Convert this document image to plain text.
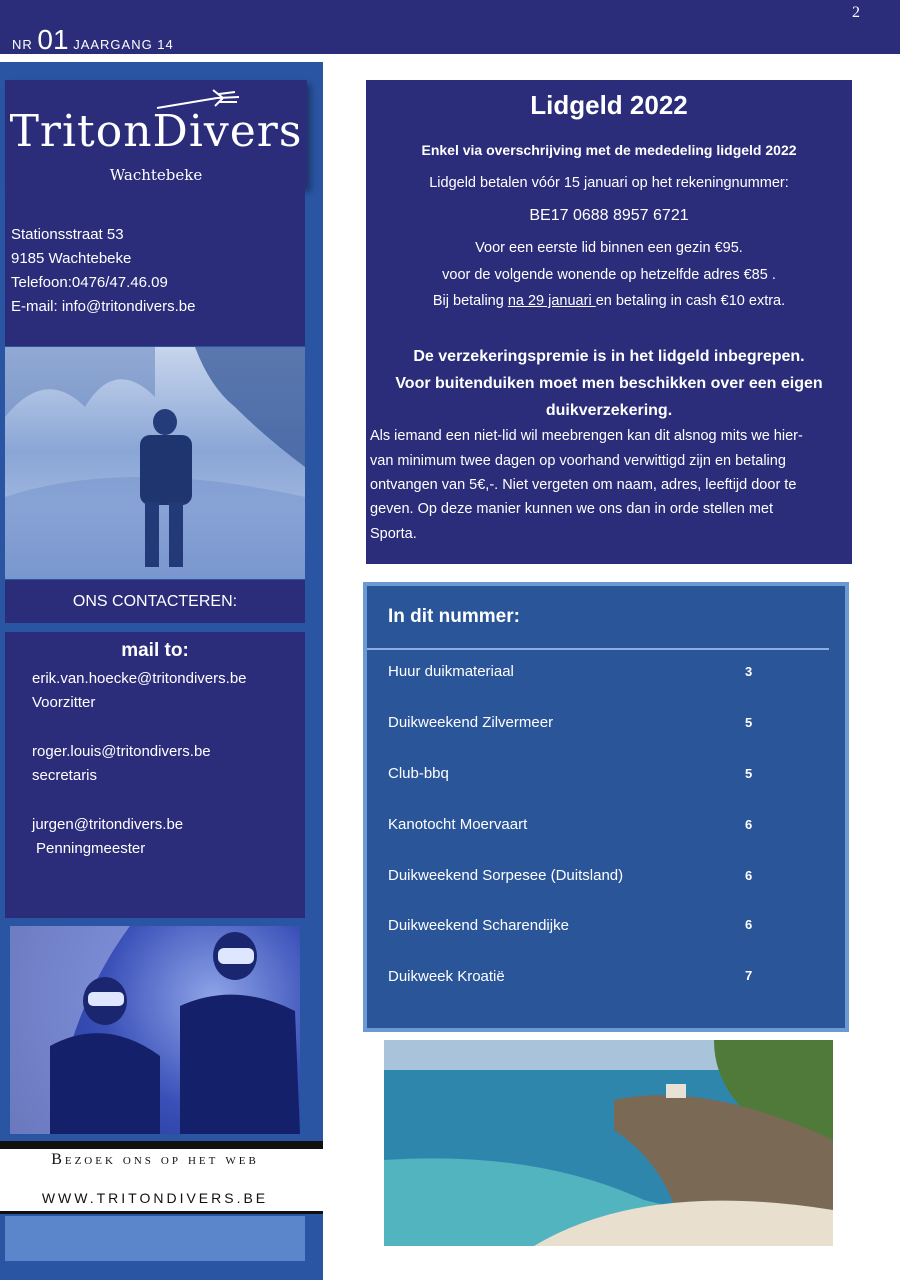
NR 01 JAARGANG 14
2
TritonDivers
Wachtebeke
Stationsstraat 53
9185 Wachtebeke
Telefoon:0476/47.46.09
E-mail: info@tritondivers.be
ONS CONTACTEREN:
mail to:
erik.van.hoecke@tritondivers.be
Voorzitter
roger.louis@tritondivers.be
secretaris
jurgen@tritondivers.be
Penningmeester
Bezoek ons op het web
WWW.TRITONDIVERS.BE
Lidgeld 2022
Enkel via overschrijving met de mededeling lidgeld 2022
Lidgeld betalen vóór 15 januari op het rekeningnummer:
BE17 0688 8957 6721
Voor een eerste lid binnen een gezin €95.
voor de volgende wonende op hetzelfde adres €85 .
Bij betaling na 29 januari en betaling in cash €10 extra.
De verzekeringspremie is in het lidgeld inbegrepen.
Voor buitenduiken moet men beschikken over een eigen
duikverzekering.
Als iemand een niet-lid wil meebrengen kan dit alsnog mits we hier-
van minimum twee dagen op voorhand verwittigd zijn en betaling
ontvangen van 5€,-. Niet vergeten om naam, adres, leeftijd door te
geven. Op deze manier kunnen we ons dan in orde stellen met
Sporta.
In dit nummer:
Huur duikmateriaal	3
Duikweekend Zilvermeer	5
Club-bbq	5
Kanotocht Moervaart	6
Duikweekend Sorpesee (Duitsland)	6
Duikweekend Scharendijke	6
Duikweek Kroatië	7
